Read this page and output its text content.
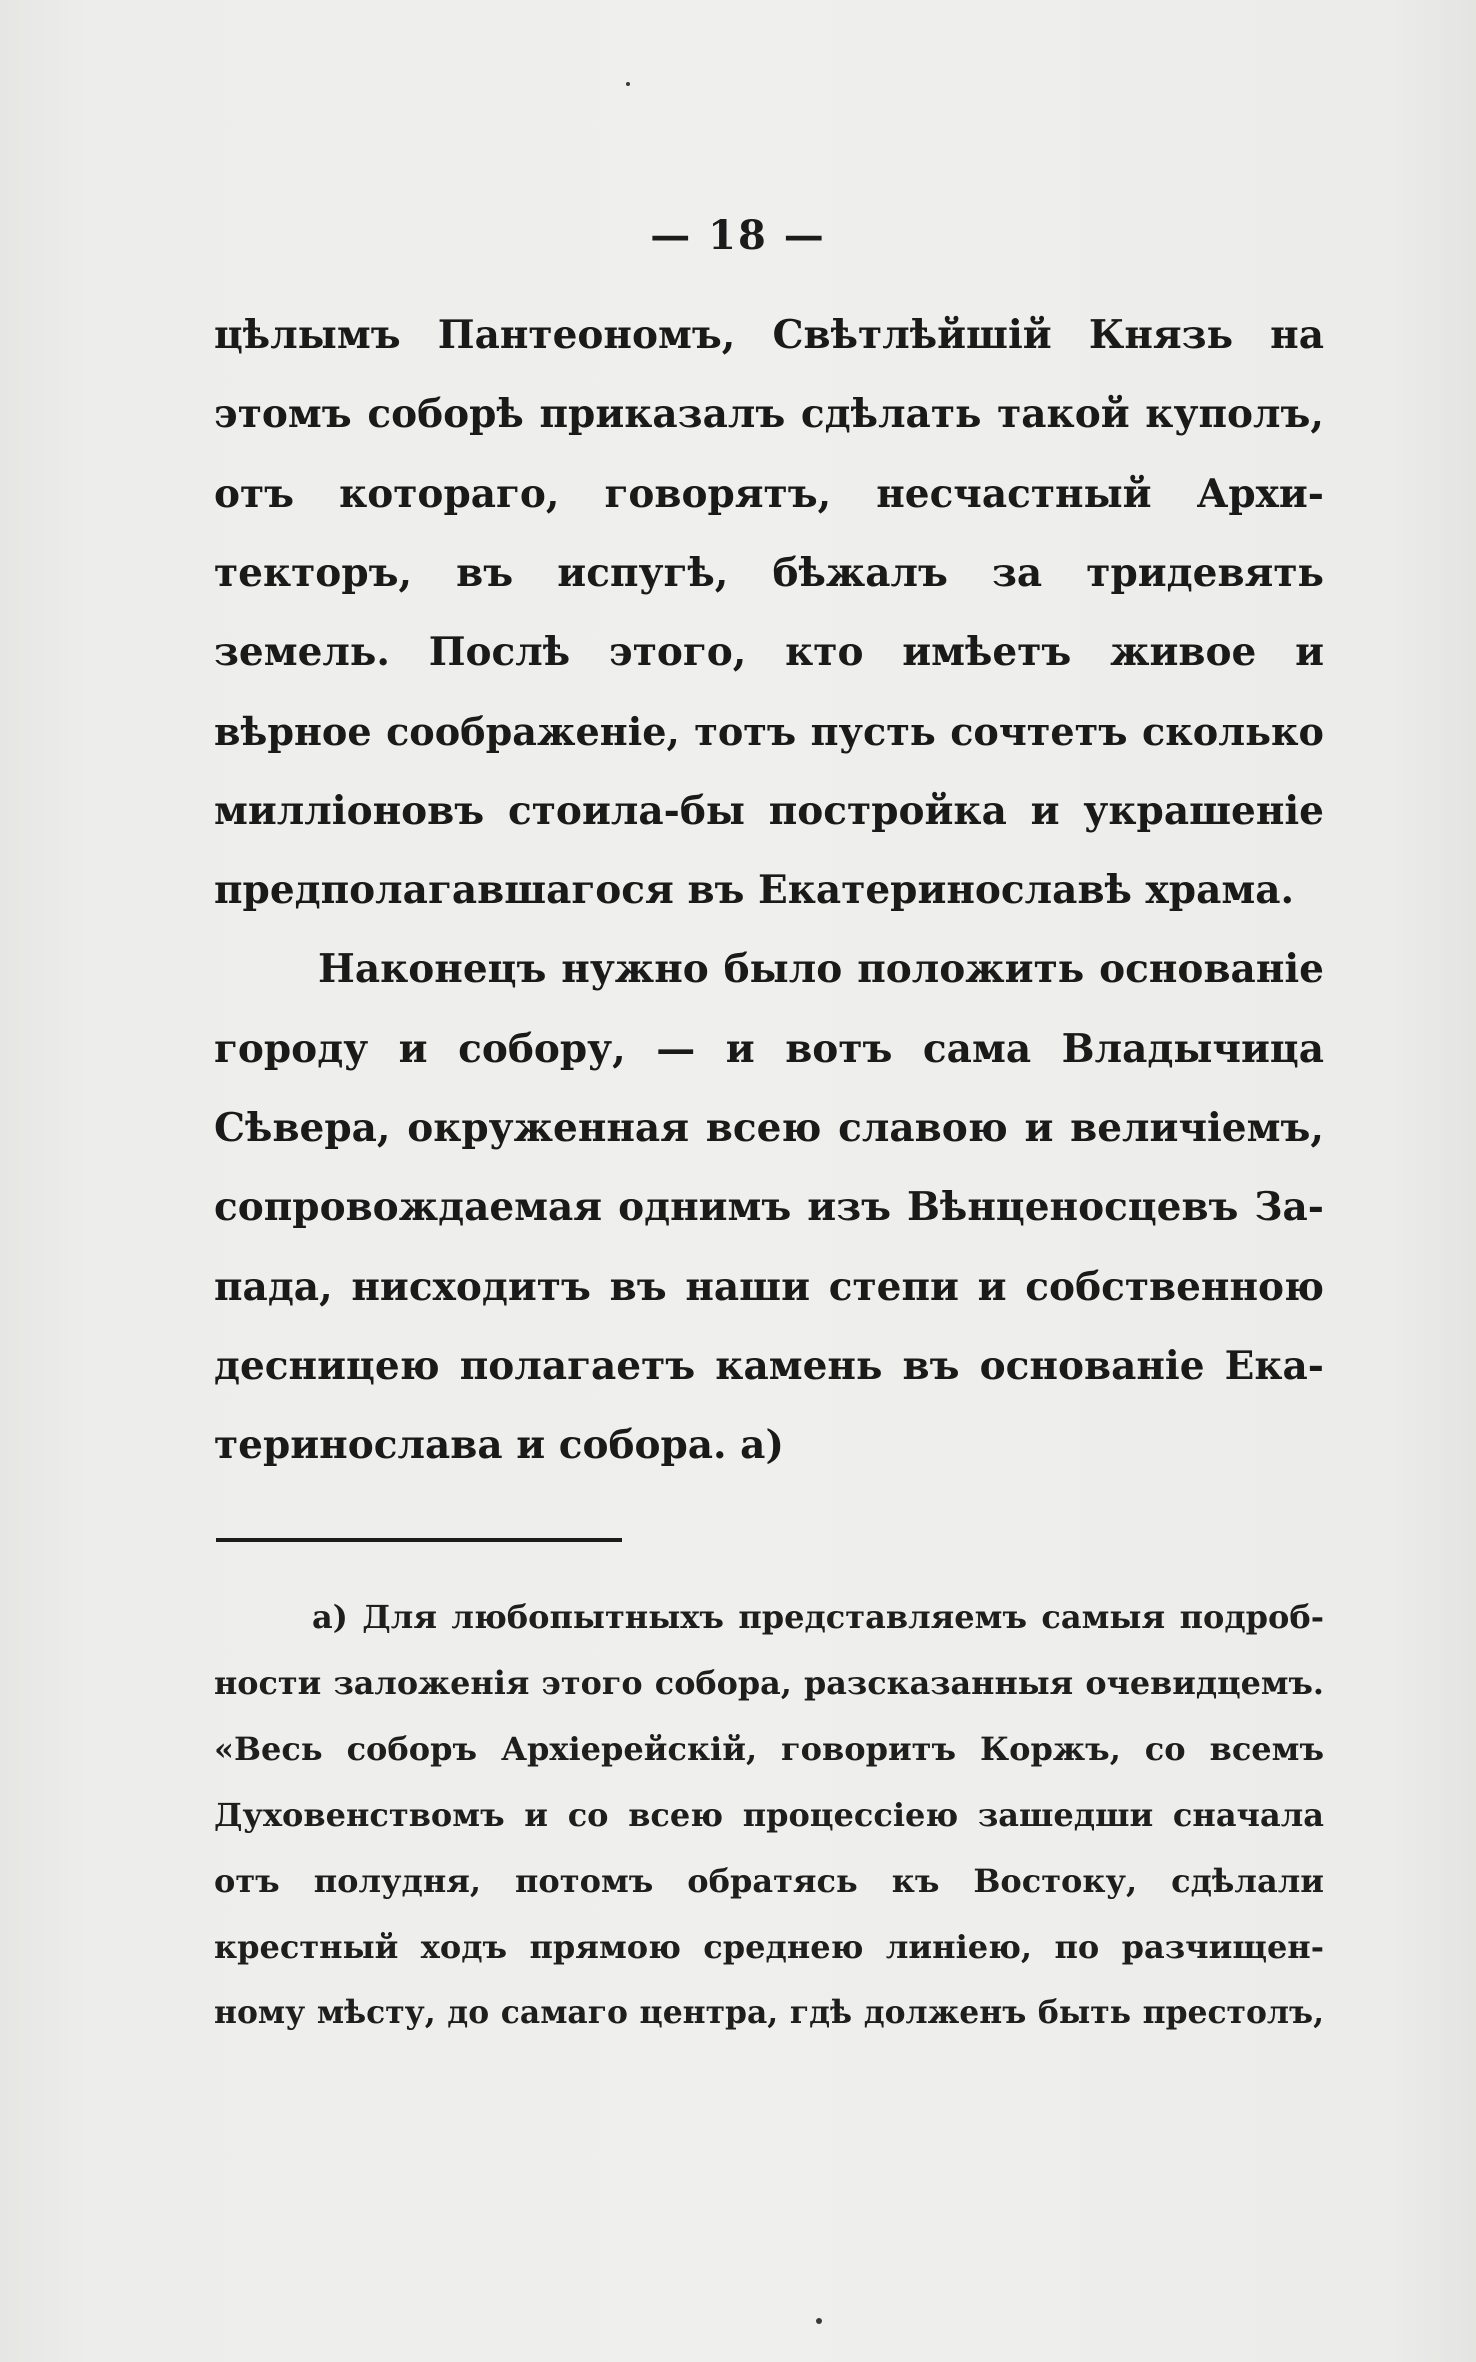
— 18 —
цѣлымъ Пантеономъ, Свѣтлѣйшій Князь на
этомъ соборѣ приказалъ сдѣлать такой куполъ,
отъ котораго, говорятъ, несчастный Архи-
текторъ, въ испугѣ, бѣжалъ за тридевять
земель. Послѣ этого, кто имѣетъ живое и
вѣрное соображеніе, тотъ пусть сочтетъ сколько
милліоновъ стоила-бы постройка и украшеніе
предполагавшагося въ Екатеринославѣ храма.
Наконецъ нужно было положить основаніе
городу и собору, — и вотъ сама Владычица
Сѣвера, окруженная всею славою и величіемъ,
сопровождаемая однимъ изъ Вѣнценосцевъ За-
пада, нисходитъ въ наши степи и собственною
десницею полагаетъ камень въ основаніе Ека-
теринослава и собора. а)
а) Для любопытныхъ представляемъ самыя подроб-
ности заложенія этого собора, разсказанныя очевидцемъ.
«Весь соборъ Архіерейскій, говоритъ Коржъ, со всемъ
Духовенствомъ и со всею процессіею зашедши сначала
отъ полудня, потомъ обратясь къ Востоку, сдѣлали
крестный ходъ прямою среднею линіею, по разчищен-
ному мѣсту, до самаго центра, гдѣ долженъ быть престолъ,
